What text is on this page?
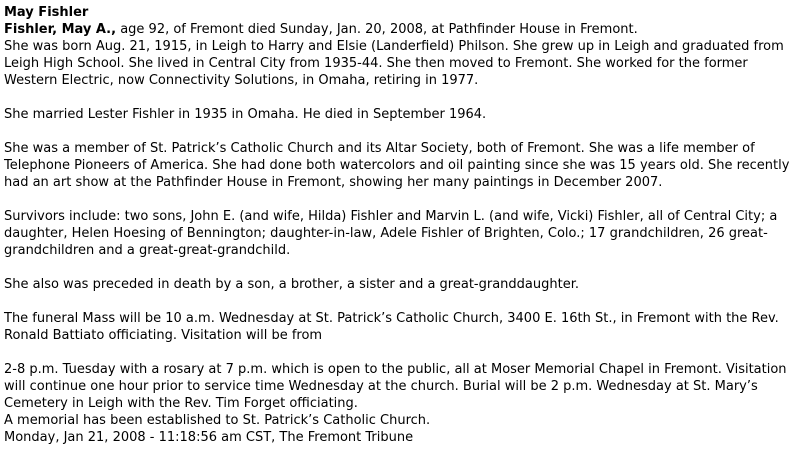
May Fishler

Fishler, May A., age 92, of Fremont died Sunday, Jan. 20, 2008, at Pathfinder House in Fremont.

She was born Aug. 21, 1915, in Leigh to Harry and Elsie (Landerfield) Philson. She grew up in Leigh and graduated from Leigh High School. She lived in Central City from 1935-44. She then moved to Fremont. She worked for the former Western Electric, now Connectivity Solutions, in Omaha, retiring in 1977.

She married Lester Fishler in 1935 in Omaha. He died in September 1964.

She was a member of St. Patrick’s Catholic Church and its Altar Society, both of Fremont. She was a life member of Telephone Pioneers of America. She had done both watercolors and oil painting since she was 15 years old. She recently had an art show at the Pathfinder House in Fremont, showing her many paintings in December 2007.

Survivors include: two sons, John E. (and wife, Hilda) Fishler and Marvin L. (and wife, Vicki) Fishler, all of Central City; a daughter, Helen Hoesing of Bennington; daughter-in-law, Adele Fishler of Brighten, Colo.; 17 grandchildren, 26 great-grandchildren and a great-great-grandchild.

She also was preceded in death by a son, a brother, a sister and a great-granddaughter.

The funeral Mass will be 10 a.m. Wednesday at St. Patrick’s Catholic Church, 3400 E. 16th St., in Fremont with the Rev. Ronald Battiato officiating. Visitation will be from

2-8 p.m. Tuesday with a rosary at 7 p.m. which is open to the public, all at Moser Memorial Chapel in Fremont. Visitation will continue one hour prior to service time Wednesday at the church. Burial will be 2 p.m. Wednesday at St. Mary’s Cemetery in Leigh with the Rev. Tim Forget officiating.

A memorial has been established to St. Patrick’s Catholic Church.

Monday, Jan 21, 2008 - 11:18:56 am CST, The Fremont Tribune
